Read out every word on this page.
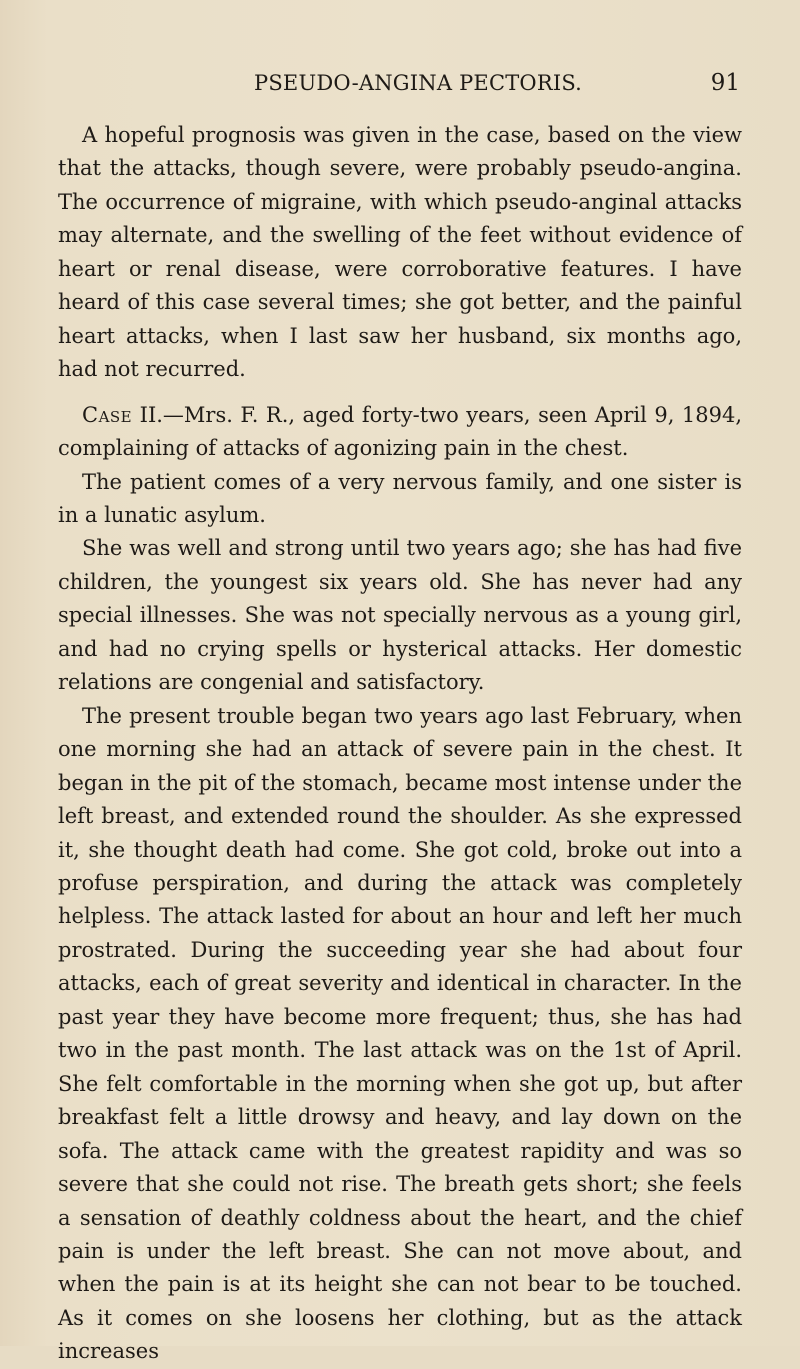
PSEUDO-ANGINA PECTORIS.	91

A hopeful prognosis was given in the case, based on the view that the attacks, though severe, were probably pseudo-angina. The occurrence of migraine, with which pseudo-anginal attacks may alternate, and the swelling of the feet without evidence of heart or renal disease, were corroborative features. I have heard of this case several times; she got better, and the painful heart attacks, when I last saw her husband, six months ago, had not recurred.

Case II.—Mrs. F. R., aged forty-two years, seen April 9, 1894, complaining of attacks of agonizing pain in the chest.

The patient comes of a very nervous family, and one sister is in a lunatic asylum.

She was well and strong until two years ago; she has had five children, the youngest six years old. She has never had any special illnesses. She was not specially nervous as a young girl, and had no crying spells or hysterical attacks. Her domestic relations are congenial and satisfactory.

The present trouble began two years ago last February, when one morning she had an attack of severe pain in the chest. It began in the pit of the stomach, became most intense under the left breast, and extended round the shoulder. As she expressed it, she thought death had come. She got cold, broke out into a profuse perspiration, and during the attack was completely helpless. The attack lasted for about an hour and left her much prostrated. During the succeeding year she had about four attacks, each of great severity and identical in character. In the past year they have become more frequent; thus, she has had two in the past month. The last attack was on the 1st of April. She felt comfortable in the morning when she got up, but after breakfast felt a little drowsy and heavy, and lay down on the sofa. The attack came with the greatest rapidity and was so severe that she could not rise. The breath gets short; she feels a sensation of deathly coldness about the heart, and the chief pain is under the left breast. She can not move about, and when the pain is at its height she can not bear to be touched. As it comes on she loosens her clothing, but as the attack increases
